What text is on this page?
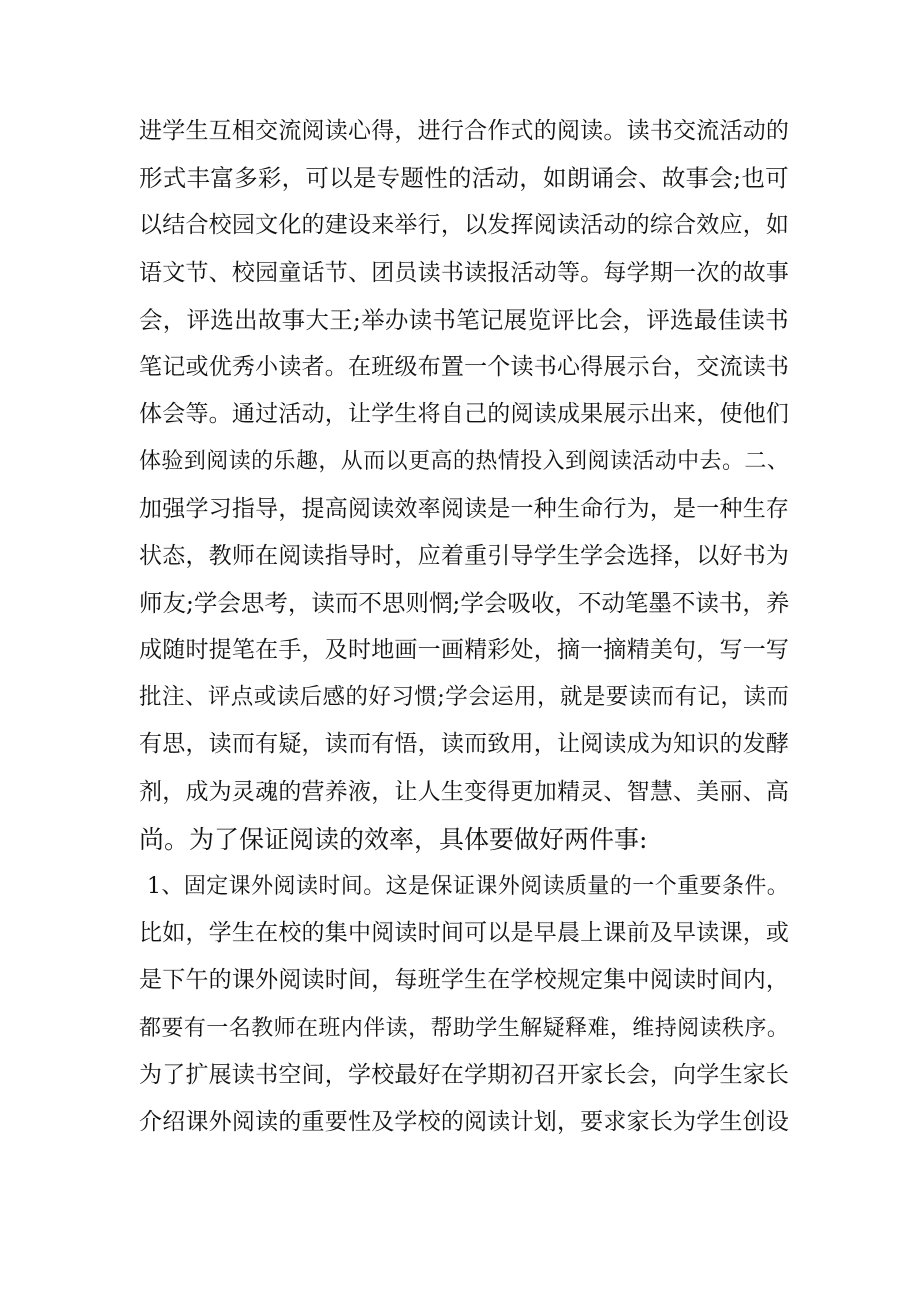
进 学 生 互 相 交 流 阅 读 心 得 ， 进 行 合 作 式 的 阅 读 。 读 书 交 流 活 动 的
形 式 丰 富 多 彩 ， 可 以 是 专 题 性 的 活 动 ， 如 朗 诵 会 、 故 事 会 ; 也 可
以 结 合 校 园 文 化 的 建 设 来 举 行 ， 以 发 挥 阅 读 活 动 的 综 合 效 应 ， 如
语 文 节 、 校 园 童 话 节 、 团 员 读 书 读 报 活 动 等 。 每 学 期 一 次 的 故 事
会 ， 评 选 出 故 事 大 王 ; 举 办 读 书 笔 记 展 览 评 比 会 ， 评 选 最 佳 读 书
笔 记 或 优 秀 小 读 者 。 在 班 级 布 置 一 个 读 书 心 得 展 示 台 ， 交 流 读 书
体 会 等 。 通 过 活 动 ， 让 学 生 将 自 己 的 阅 读 成 果 展 示 出 来 ， 使 他 们
体 验 到 阅 读 的 乐 趣 ， 从 而 以 更 高 的 热 情 投 入 到 阅 读 活 动 中 去 。 二 、
加 强 学 习 指 导 ， 提 高 阅 读 效 率 阅 读 是 一 种 生 命 行 为 ， 是 一 种 生 存
状 态 ， 教 师 在 阅 读 指 导 时 ， 应 着 重 引 导 学 生 学 会 选 择 ， 以 好 书 为
师 友 ; 学 会 思 考 ， 读 而 不 思 则 惘 ; 学 会 吸 收 ， 不 动 笔 墨 不 读 书 ， 养
成 随 时 提 笔 在 手 ， 及 时 地 画 一 画 精 彩 处 ， 摘 一 摘 精 美 句 ， 写 一 写
批 注 、 评 点 或 读 后 感 的 好 习 惯 ; 学 会 运 用 ， 就 是 要 读 而 有 记 ， 读 而
有 思 ， 读 而 有 疑 ， 读 而 有 悟 ， 读 而 致 用 ， 让 阅 读 成 为 知 识 的 发 酵
剂 ， 成 为 灵 魂 的 营 养 液 ， 让 人 生 变 得 更 加 精 灵 、 智 慧 、 美 丽 、 高
尚。为了保证阅读的效率，具体要做好两件事:
1 、 固 定 课 外 阅 读 时 间 。 这 是 保 证 课 外 阅 读 质 量 的 一 个 重 要 条 件 。
比 如 ， 学 生 在 校 的 集 中 阅 读 时 间 可 以 是 早 晨 上 课 前 及 早 读 课 ， 或
是 下 午 的 课 外 阅 读 时 间 ， 每 班 学 生 在 学 校 规 定 集 中 阅 读 时 间 内 ，
都 要 有 一 名 教 师 在 班 内 伴 读 ， 帮 助 学 生 解 疑 释 难 ， 维 持 阅 读 秩 序 。
为 了 扩 展 读 书 空 间 ， 学 校 最 好 在 学 期 初 召 开 家 长 会 ， 向 学 生 家 长
介 绍 课 外 阅 读 的 重 要 性 及 学 校 的 阅 读 计 划 ， 要 求 家 长 为 学 生 创 设
